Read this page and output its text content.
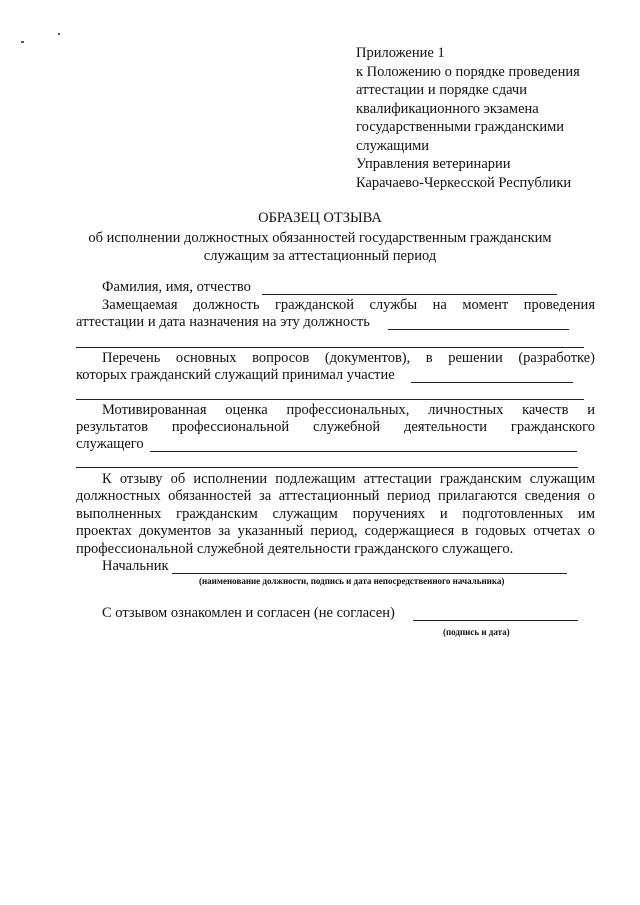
Приложение 1
к Положению о порядке проведения
аттестации и порядке сдачи
квалификационного экзамена
государственными гражданскими
служащими
Управления ветеринарии
Карачаево-Черкесской Республики
ОБРАЗЕЦ ОТЗЫВА
об исполнении должностных обязанностей государственным гражданским
служащим за аттестационный период
Фамилия, имя, отчество
Замещаемая должность гражданской службы на момент проведения
аттестации и дата назначения на эту должность
Перечень основных вопросов (документов), в решении (разработке)
которых гражданский служащий принимал участие
Мотивированная оценка профессиональных, личностных качеств и
результатов профессиональной служебной деятельности гражданского
служащего
К отзыву об исполнении подлежащим аттестации гражданским служащим
должностных обязанностей за аттестационный период прилагаются сведения о
выполненных гражданским служащим поручениях и подготовленных им
проектах документов за указанный период, содержащиеся в годовых отчетах о
профессиональной служебной деятельности гражданского служащего.
Начальник
(наименование должности, подпись и дата непосредственного начальника)
С отзывом ознакомлен и согласен (не согласен)
(подпись и дата)
